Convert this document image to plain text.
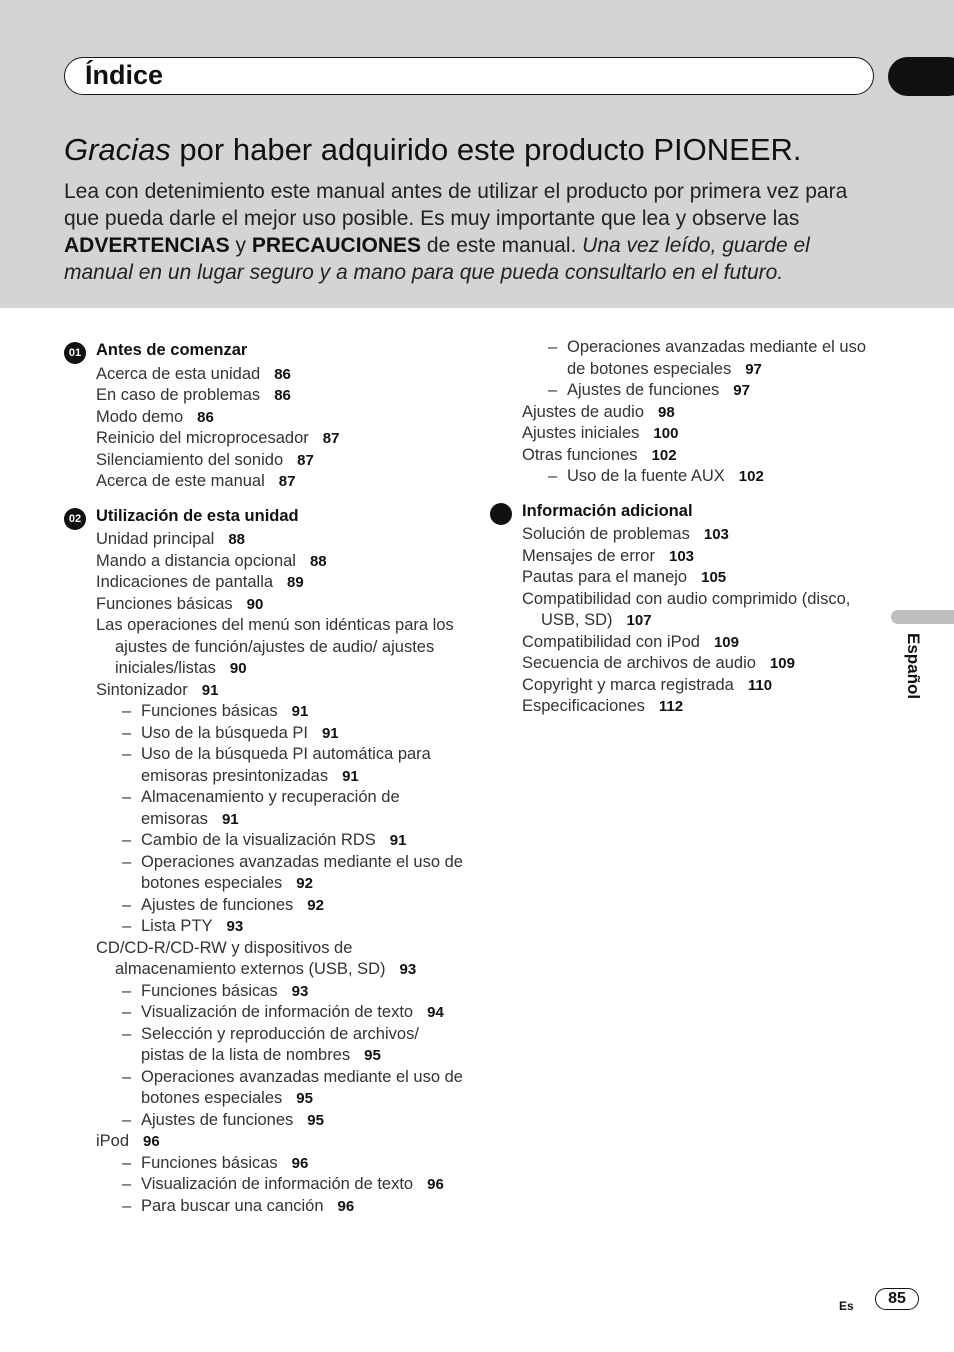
Índice
Gracias por haber adquirido este producto PIONEER.
Lea con detenimiento este manual antes de utilizar el producto por primera vez para que pueda darle el mejor uso posible. Es muy importante que lea y observe las ADVERTENCIAS y PRECAUCIONES de este manual. Una vez leído, guarde el manual en un lugar seguro y a mano para que pueda consultarlo en el futuro.
01 Antes de comenzar
Acerca de esta unidad 86
En caso de problemas 86
Modo demo 86
Reinicio del microprocesador 87
Silenciamiento del sonido 87
Acerca de este manual 87
02 Utilización de esta unidad
Unidad principal 88
Mando a distancia opcional 88
Indicaciones de pantalla 89
Funciones básicas 90
Las operaciones del menú son idénticas para los ajustes de función/ajustes de audio/ ajustes iniciales/listas 90
Sintonizador 91
– Funciones básicas 91
– Uso de la búsqueda PI 91
– Uso de la búsqueda PI automática para emisoras presintonizadas 91
– Almacenamiento y recuperación de emisoras 91
– Cambio de la visualización RDS 91
– Operaciones avanzadas mediante el uso de botones especiales 92
– Ajustes de funciones 92
– Lista PTY 93
CD/CD-R/CD-RW y dispositivos de almacenamiento externos (USB, SD) 93
– Funciones básicas 93
– Visualización de información de texto 94
– Selección y reproducción de archivos/ pistas de la lista de nombres 95
– Operaciones avanzadas mediante el uso de botones especiales 95
– Ajustes de funciones 95
iPod 96
– Funciones básicas 96
– Visualización de información de texto 96
– Para buscar una canción 96
– Operaciones avanzadas mediante el uso de botones especiales 97
– Ajustes de funciones 97
Ajustes de audio 98
Ajustes iniciales 100
Otras funciones 102
– Uso de la fuente AUX 102
Información adicional
Solución de problemas 103
Mensajes de error 103
Pautas para el manejo 105
Compatibilidad con audio comprimido (disco, USB, SD) 107
Compatibilidad con iPod 109
Secuencia de archivos de audio 109
Copyright y marca registrada 110
Especificaciones 112
Español
Es	85
